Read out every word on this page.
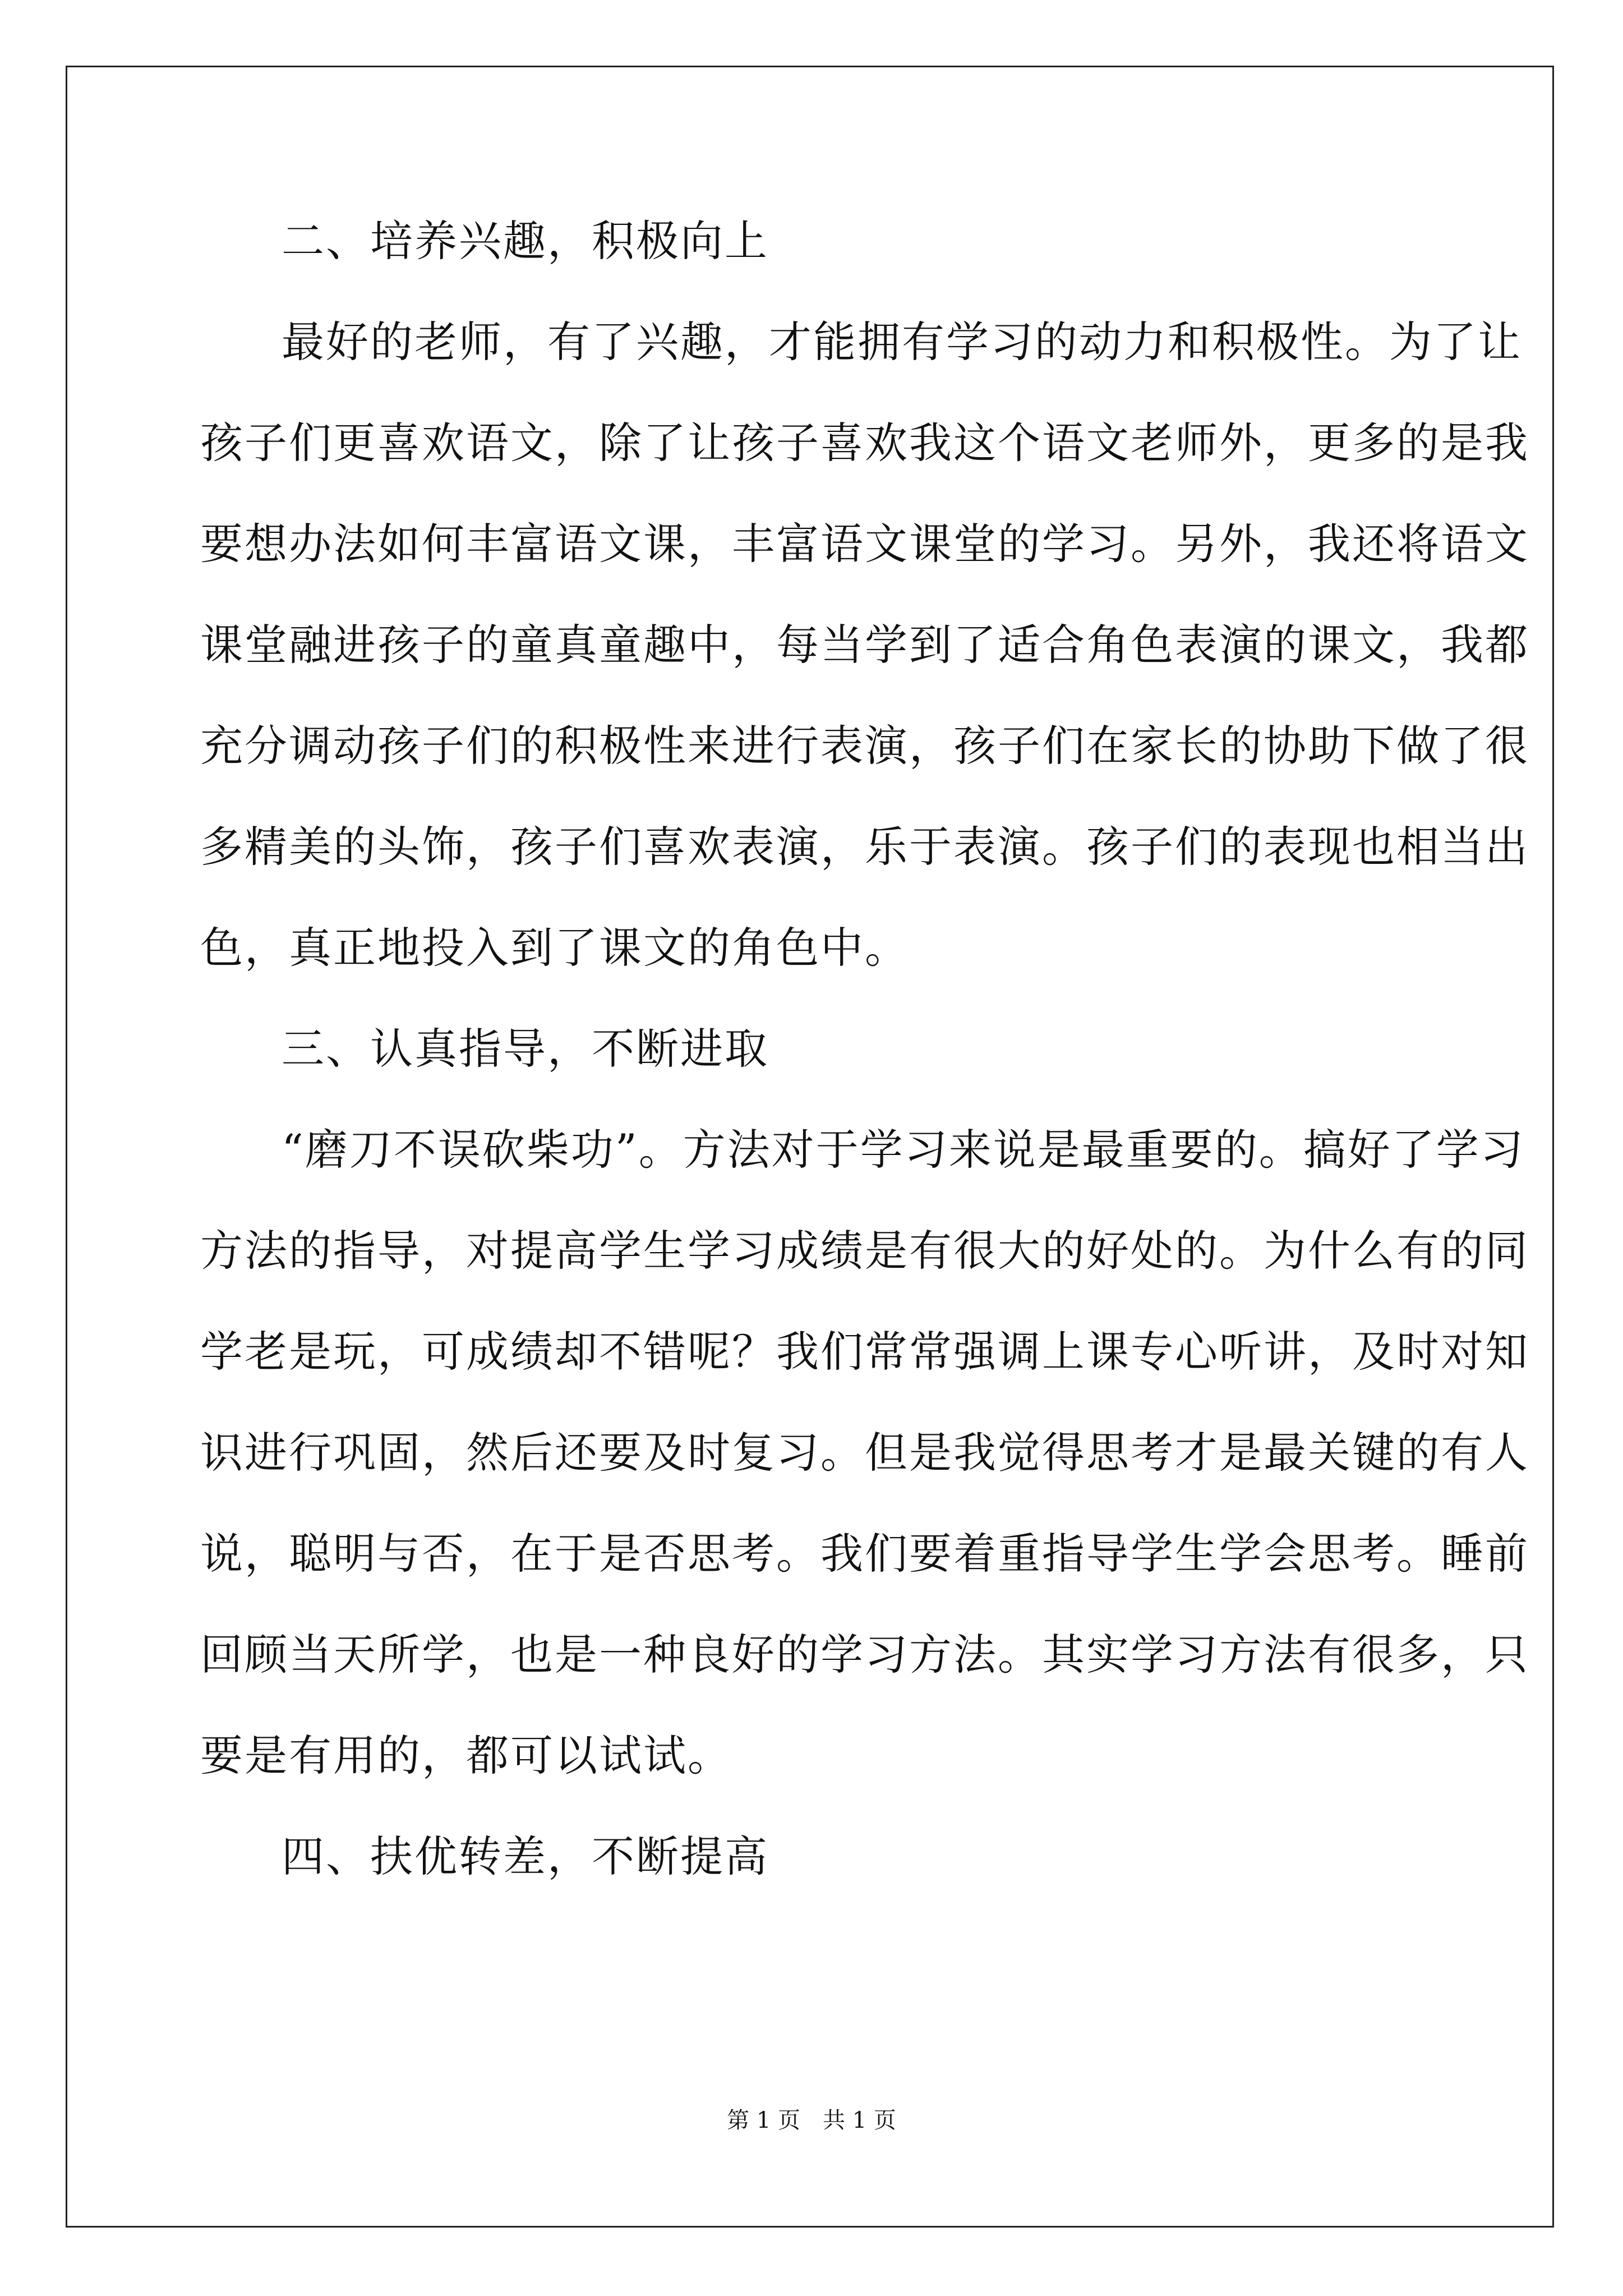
二、培养兴趣，积极向上
最好的老师，有了兴趣，才能拥有学习的动力和积极性。为了让
孩子们更喜欢语文，除了让孩子喜欢我这个语文老师外，更多的是我
要想办法如何丰富语文课，丰富语文课堂的学习。另外，我还将语文
课堂融进孩子的童真童趣中，每当学到了适合角色表演的课文，我都
充分调动孩子们的积极性来进行表演，孩子们在家长的协助下做了很
多精美的头饰，孩子们喜欢表演，乐于表演。孩子们的表现也相当出
色，真正地投入到了课文的角色中。
三、认真指导，不断进取
“磨刀不误砍柴功”。方法对于学习来说是最重要的。搞好了学习
方法的指导，对提高学生学习成绩是有很大的好处的。为什么有的同
学老是玩，可成绩却不错呢？我们常常强调上课专心听讲，及时对知
识进行巩固，然后还要及时复习。但是我觉得思考才是最关键的有人
说，聪明与否，在于是否思考。我们要着重指导学生学会思考。睡前
回顾当天所学，也是一种良好的学习方法。其实学习方法有很多，只
要是有用的，都可以试试。
四、扶优转差，不断提高
第 1 页 共 1 页
